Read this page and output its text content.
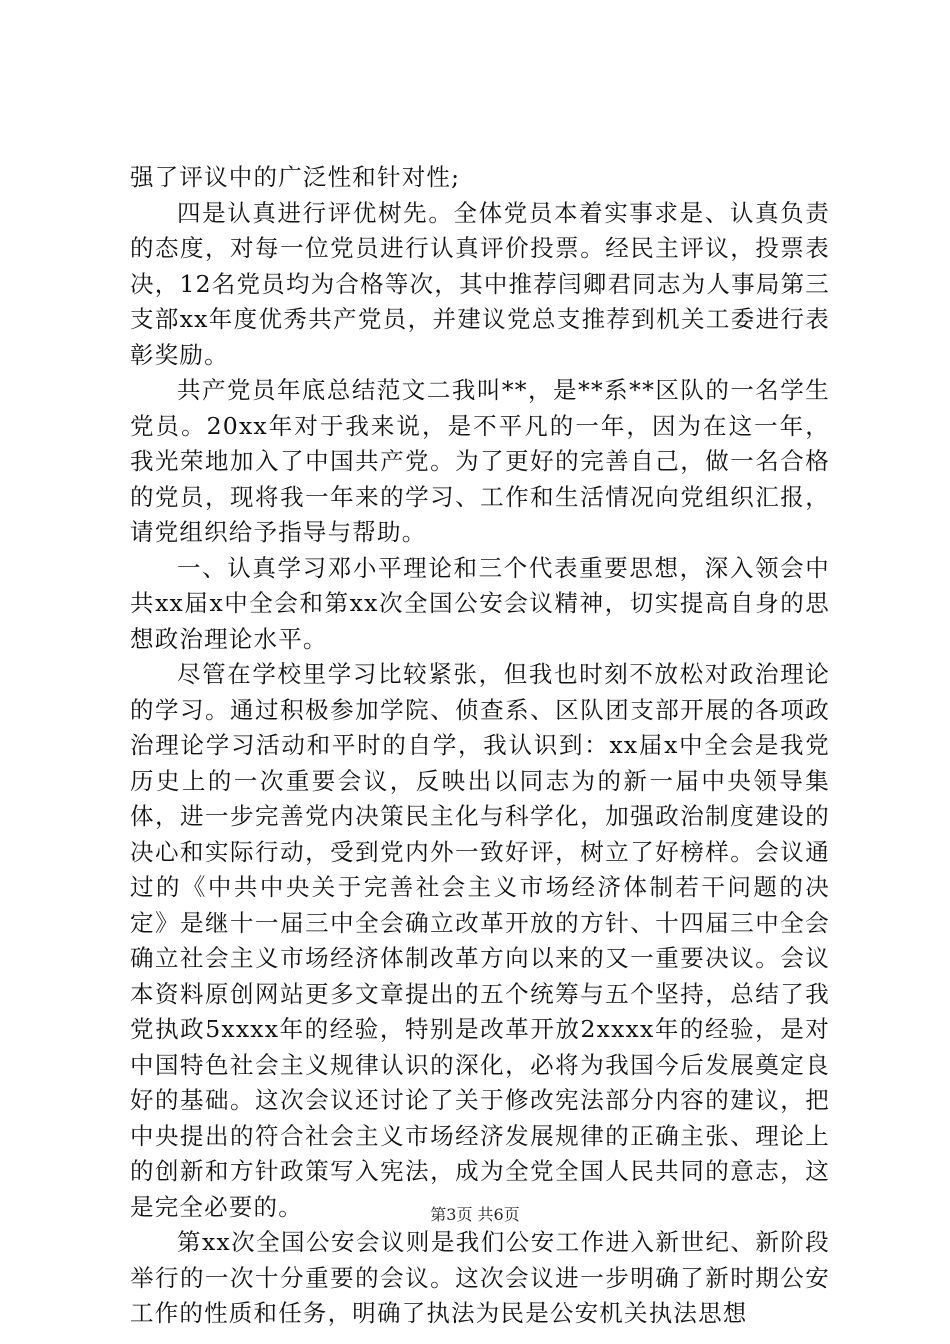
强了评议中的广泛性和针对性;

四是认真进行评优树先。全体党员本着实事求是、认真负责的态度，对每一位党员进行认真评价投票。经民主评议，投票表决，12名党员均为合格等次，其中推荐闫卿君同志为人事局第三支部xx年度优秀共产党员，并建议党总支推荐到机关工委进行表彰奖励。

共产党员年底总结范文二我叫**，是**系**区队的一名学生党员。20xx年对于我来说，是不平凡的一年，因为在这一年，我光荣地加入了中国共产党。为了更好的完善自己，做一名合格的党员，现将我一年来的学习、工作和生活情况向党组织汇报，请党组织给予指导与帮助。

一、认真学习邓小平理论和三个代表重要思想，深入领会中共xx届x中全会和第xx次全国公安会议精神，切实提高自身的思想政治理论水平。

尽管在学校里学习比较紧张，但我也时刻不放松对政治理论的学习。通过积极参加学院、侦查系、区队团支部开展的各项政治理论学习活动和平时的自学，我认识到：xx届x中全会是我党历史上的一次重要会议，反映出以同志为的新一届中央领导集体，进一步完善党内决策民主化与科学化，加强政治制度建设的决心和实际行动，受到党内外一致好评，树立了好榜样。会议通过的《中共中央关于完善社会主义市场经济体制若干问题的决定》是继十一届三中全会确立改革开放的方针、十四届三中全会确立社会主义市场经济体制改革方向以来的又一重要决议。会议本资料原创网站更多文章提出的五个统筹与五个坚持，总结了我党执政5xxxx年的经验，特别是改革开放2xxxx年的经验，是对中国特色社会主义规律认识的深化，必将为我国今后发展奠定良好的基础。这次会议还讨论了关于修改宪法部分内容的建议，把中央提出的符合社会主义市场经济发展规律的正确主张、理论上的创新和方针政策写入宪法，成为全党全国人民共同的意志，这是完全必要的。

第xx次全国公安会议则是我们公安工作进入新世纪、新阶段举行的一次十分重要的会议。这次会议进一步明确了新时期公安工作的性质和任务，明确了执法为民是公安机关执法思想

第3页 共6页
